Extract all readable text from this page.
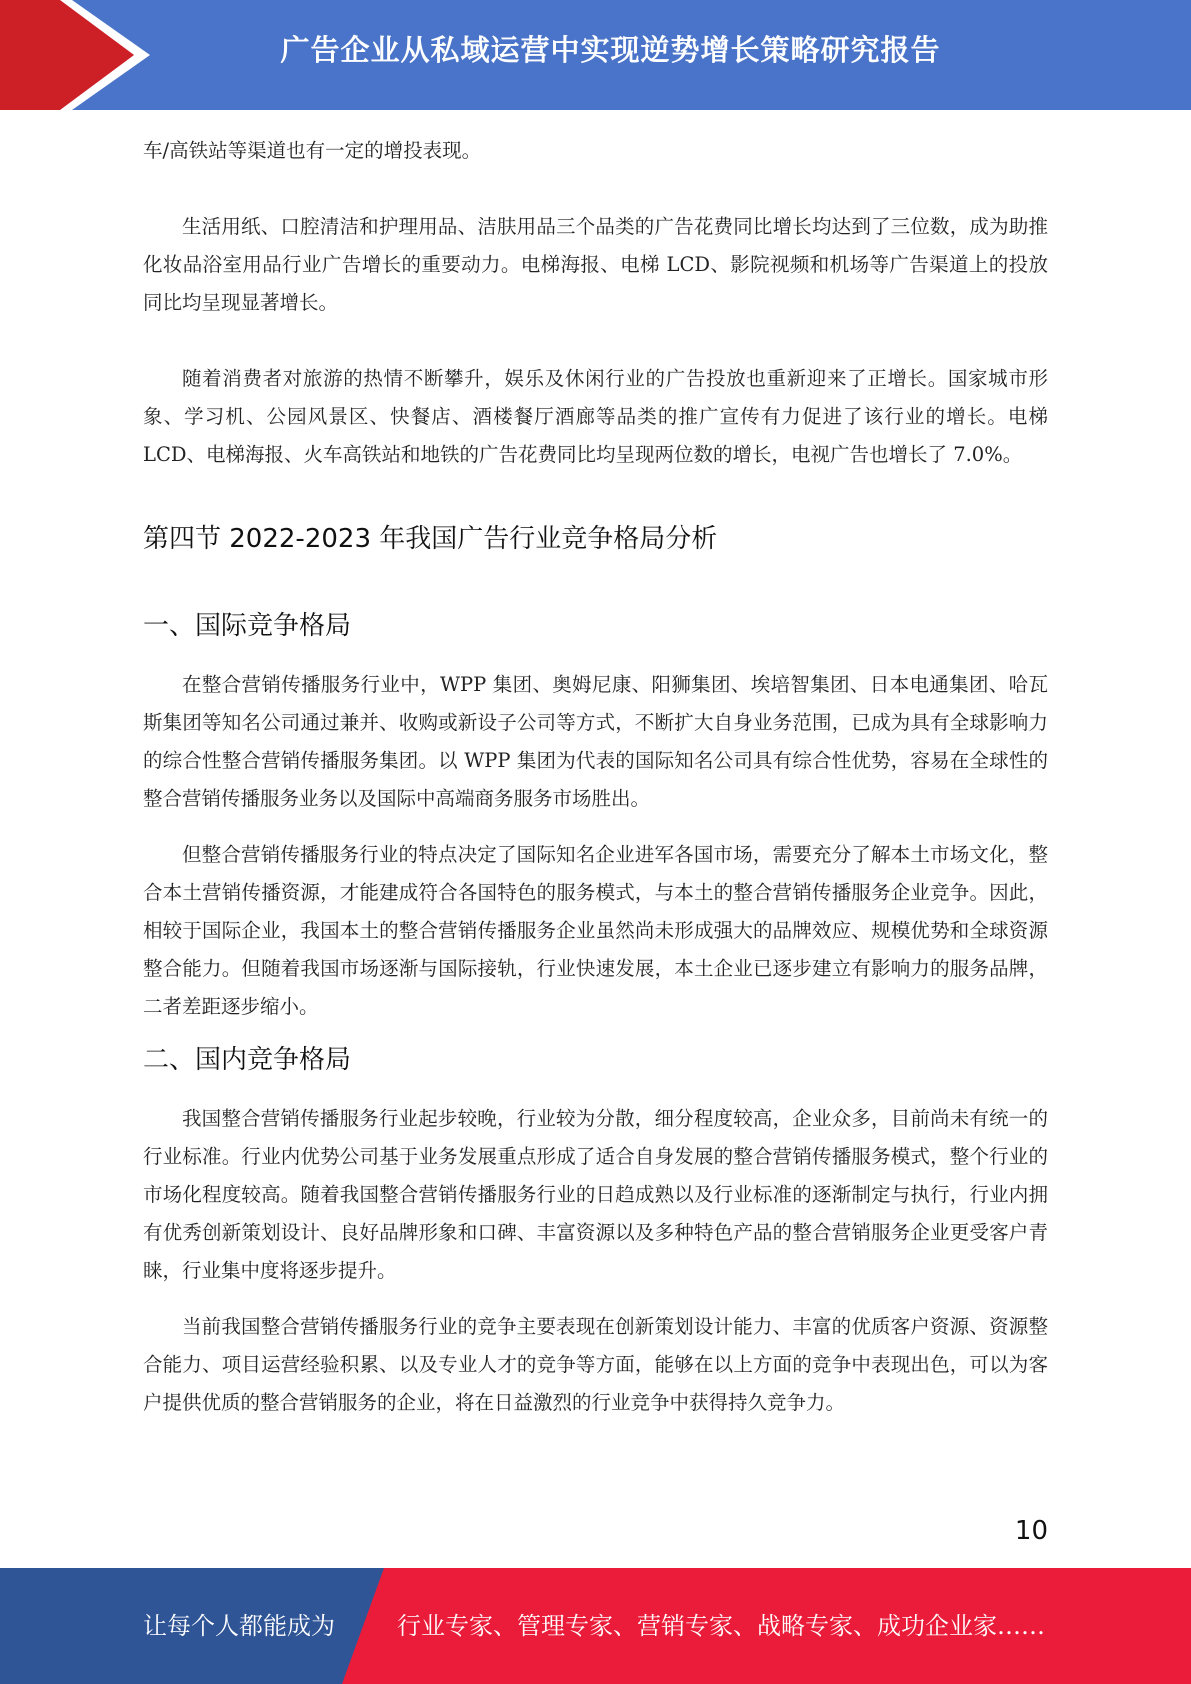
广告企业从私域运营中实现逆势增长策略研究报告

车/高铁站等渠道也有一定的增投表现。

生活用纸、口腔清洁和护理用品、洁肤用品三个品类的广告花费同比增长均达到了三位数，成为助推化妆品浴室用品行业广告增长的重要动力。电梯海报、电梯 LCD、影院视频和机场等广告渠道上的投放同比均呈现显著增长。

随着消费者对旅游的热情不断攀升，娱乐及休闲行业的广告投放也重新迎来了正增长。国家城市形象、学习机、公园风景区、快餐店、酒楼餐厅酒廊等品类的推广宣传有力促进了该行业的增长。电梯 LCD、电梯海报、火车高铁站和地铁的广告花费同比均呈现两位数的增长，电视广告也增长了 7.0%。

第四节 2022-2023 年我国广告行业竞争格局分析
一、国际竞争格局

在整合营销传播服务行业中，WPP 集团、奥姆尼康、阳狮集团、埃培智集团、日本电通集团、哈瓦斯集团等知名公司通过兼并、收购或新设子公司等方式，不断扩大自身业务范围，已成为具有全球影响力的综合性整合营销传播服务集团。以 WPP 集团为代表的国际知名公司具有综合性优势，容易在全球性的整合营销传播服务业务以及国际中高端商务服务市场胜出。

但整合营销传播服务行业的特点决定了国际知名企业进军各国市场，需要充分了解本土市场文化，整合本土营销传播资源，才能建成符合各国特色的服务模式，与本土的整合营销传播服务企业竞争。因此，相较于国际企业，我国本土的整合营销传播服务企业虽然尚未形成强大的品牌效应、规模优势和全球资源整合能力。但随着我国市场逐渐与国际接轨，行业快速发展，本土企业已逐步建立有影响力的服务品牌，二者差距逐步缩小。

二、国内竞争格局

我国整合营销传播服务行业起步较晚，行业较为分散，细分程度较高，企业众多，目前尚未有统一的行业标准。行业内优势公司基于业务发展重点形成了适合自身发展的整合营销传播服务模式，整个行业的市场化程度较高。随着我国整合营销传播服务行业的日趋成熟以及行业标准的逐渐制定与执行，行业内拥有优秀创新策划设计、良好品牌形象和口碑、丰富资源以及多种特色产品的整合营销服务企业更受客户青睐，行业集中度将逐步提升。

当前我国整合营销传播服务行业的竞争主要表现在创新策划设计能力、丰富的优质客户资源、资源整合能力、项目运营经验积累、以及专业人才的竞争等方面，能够在以上方面的竞争中表现出色，可以为客户提供优质的整合营销服务的企业，将在日益激烈的行业竞争中获得持久竞争力。

10
让每个人都能成为	行业专家、管理专家、营销专家、战略专家、成功企业家……
